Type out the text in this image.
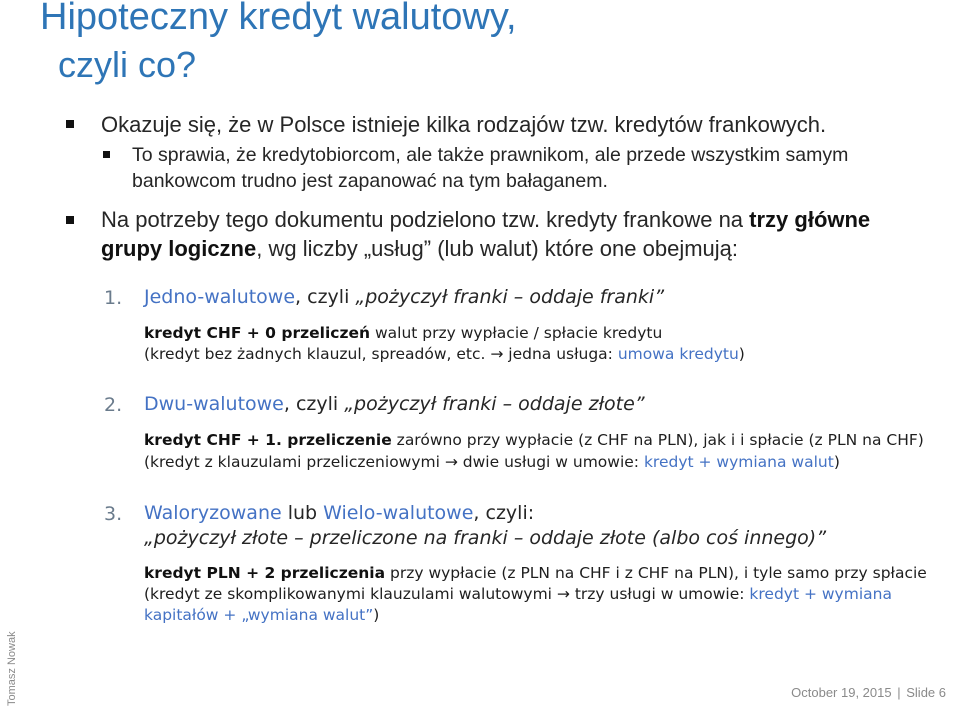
Hipoteczny kredyt walutowy,
czyli co?
Okazuje się, że w Polsce istnieje kilka rodzajów tzw. kredytów frankowych.
To sprawia, że kredytobiorcom, ale także prawnikom, ale przede wszystkim samym
bankowcom trudno jest zapanować na tym bałaganem.
Na potrzeby tego dokumentu podzielono tzw. kredyty frankowe na trzy główne
grupy logiczne, wg liczby „usług” (lub walut) które one obejmują:
1. Jedno-walutowe, czyli „pożyczył franki – oddaje franki”
kredyt CHF + 0 przeliczeń walut przy wypłacie / spłacie kredytu
(kredyt bez żadnych klauzul, spreadów, etc. → jedna usługa: umowa kredytu)
2. Dwu-walutowe, czyli „pożyczył franki – oddaje złote”
kredyt CHF + 1. przeliczenie zarówno przy wypłacie (z CHF na PLN), jak i i spłacie (z PLN na CHF)
(kredyt z klauzulami przeliczeniowymi → dwie usługi w umowie: kredyt + wymiana walut)
3. Waloryzowane lub Wielo-walutowe, czyli:
„pożyczył złote – przeliczone na franki – oddaje złote (albo coś innego)”
kredyt PLN + 2 przeliczenia przy wypłacie (z PLN na CHF i z CHF na PLN), i tyle samo przy spłacie
(kredyt ze skomplikowanymi klauzulami walutowymi → trzy usługi w umowie: kredyt + wymiana
kapitałów + „wymiana walut”)
Tomasz Nowak	October 19, 2015 | Slide 6
